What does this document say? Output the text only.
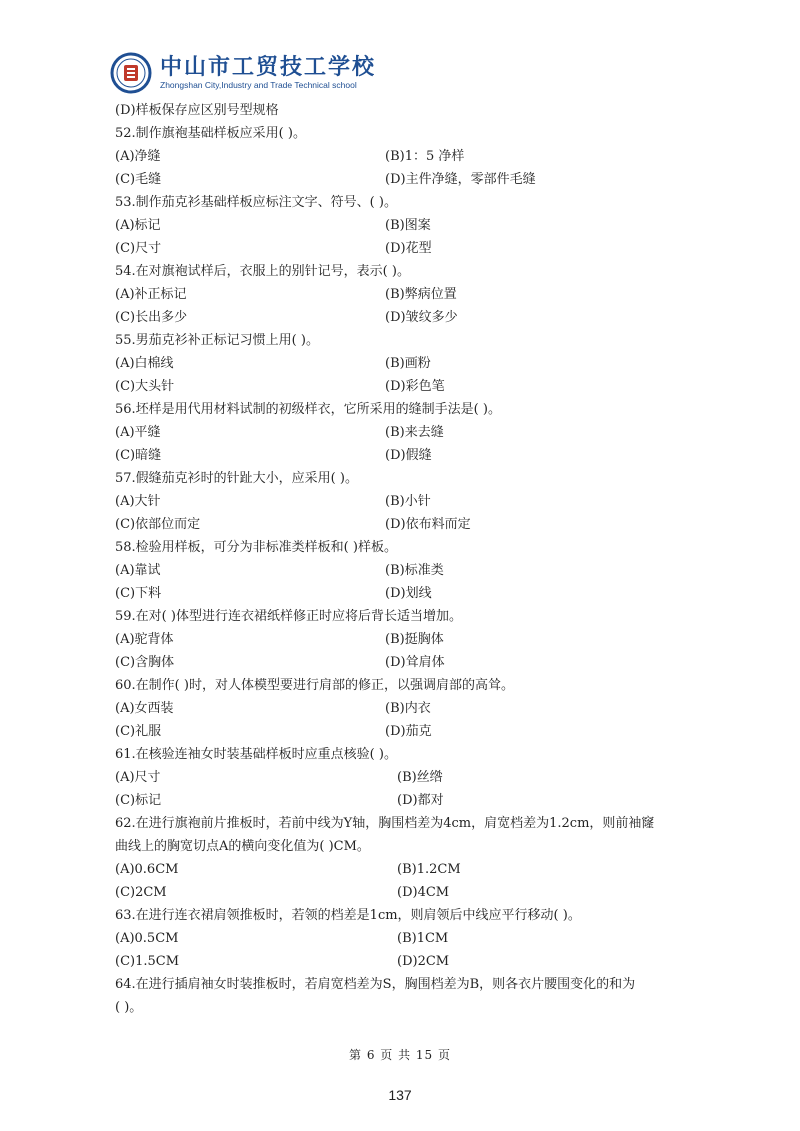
中山市工贸技工学校
Zhongshan City,Industry and Trade Technical school
(D)样板保存应区别号型规格
52.制作旗袍基础样板应采用( )。
(A)净缝	(B)1：5 净样
(C)毛缝	(D)主件净缝，零部件毛缝
53.制作茄克衫基础样板应标注文字、符号、( )。
(A)标记	(B)图案
(C)尺寸	(D)花型
54.在对旗袍试样后，衣服上的别针记号，表示( )。
(A)补正标记	(B)弊病位置
(C)长出多少	(D)皱纹多少
55.男茄克衫补正标记习惯上用( )。
(A)白棉线	(B)画粉
(C)大头针	(D)彩色笔
56.坯样是用代用材料试制的初级样衣，它所采用的缝制手法是( )。
(A)平缝	(B)来去缝
(C)暗缝	(D)假缝
57.假缝茄克衫时的针趾大小，应采用( )。
(A)大针	(B)小针
(C)依部位而定	(D)依布料而定
58.检验用样板，可分为非标准类样板和( )样板。
(A)靠试	(B)标准类
(C)下料	(D)划线
59.在对( )体型进行连衣裙纸样修正时应将后背长适当增加。
(A)驼背体	(B)挺胸体
(C)含胸体	(D)耸肩体
60.在制作( )时，对人体模型要进行肩部的修正，以强调肩部的高耸。
(A)女西装	(B)内衣
(C)礼服	(D)茄克
61.在核验连袖女时装基础样板时应重点核验( )。
(A)尺寸	(B)丝绺
(C)标记	(D)都对
62.在进行旗袍前片推板时，若前中线为Y轴，胸围档差为4cm，肩宽档差为1.2cm，则前袖窿
曲线上的胸宽切点A的横向变化值为( )CM。
(A)0.6CM	(B)1.2CM
(C)2CM	(D)4CM
63.在进行连衣裙肩领推板时，若领的档差是1cm，则肩领后中线应平行移动( )。
(A)0.5CM	(B)1CM
(C)1.5CM	(D)2CM
64.在进行插肩袖女时装推板时，若肩宽档差为S，胸围档差为B，则各衣片腰围变化的和为
( )。
第 6 页 共 15 页
137
